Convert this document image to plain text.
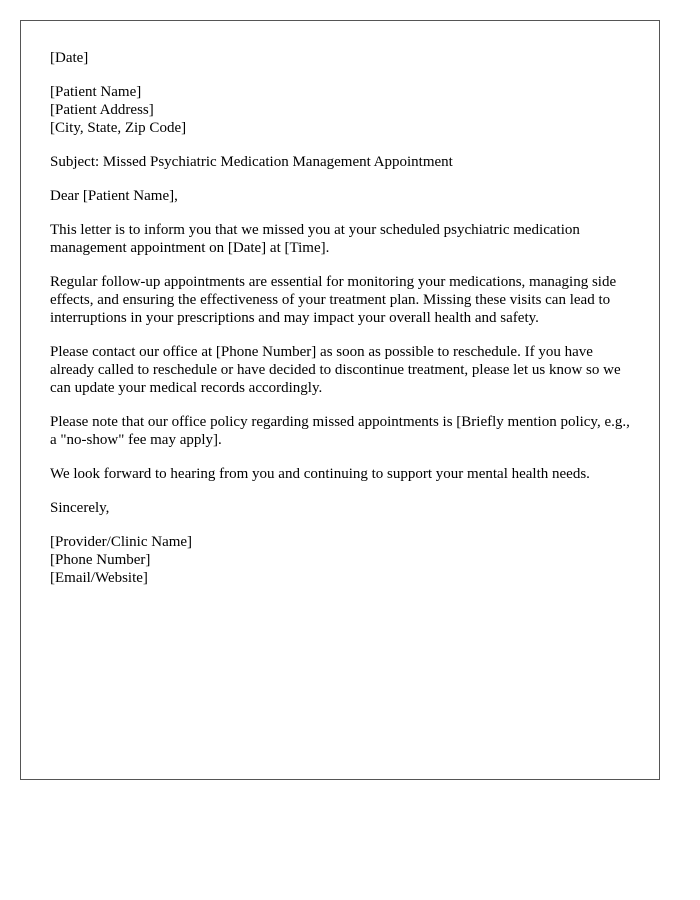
[Date]
[Patient Name]
[Patient Address]
[City, State, Zip Code]
Subject: Missed Psychiatric Medication Management Appointment
Dear [Patient Name],

This letter is to inform you that we missed you at your scheduled psychiatric medication management appointment on [Date] at [Time].

Regular follow-up appointments are essential for monitoring your medications, managing side effects, and ensuring the effectiveness of your treatment plan. Missing these visits can lead to interruptions in your prescriptions and may impact your overall health and safety.

Please contact our office at [Phone Number] as soon as possible to reschedule. If you have already called to reschedule or have decided to discontinue treatment, please let us know so we can update your medical records accordingly.

Please note that our office policy regarding missed appointments is [Briefly mention policy, e.g., a "no-show" fee may apply].

We look forward to hearing from you and continuing to support your mental health needs.

Sincerely,
[Provider/Clinic Name]
[Phone Number]
[Email/Website]
